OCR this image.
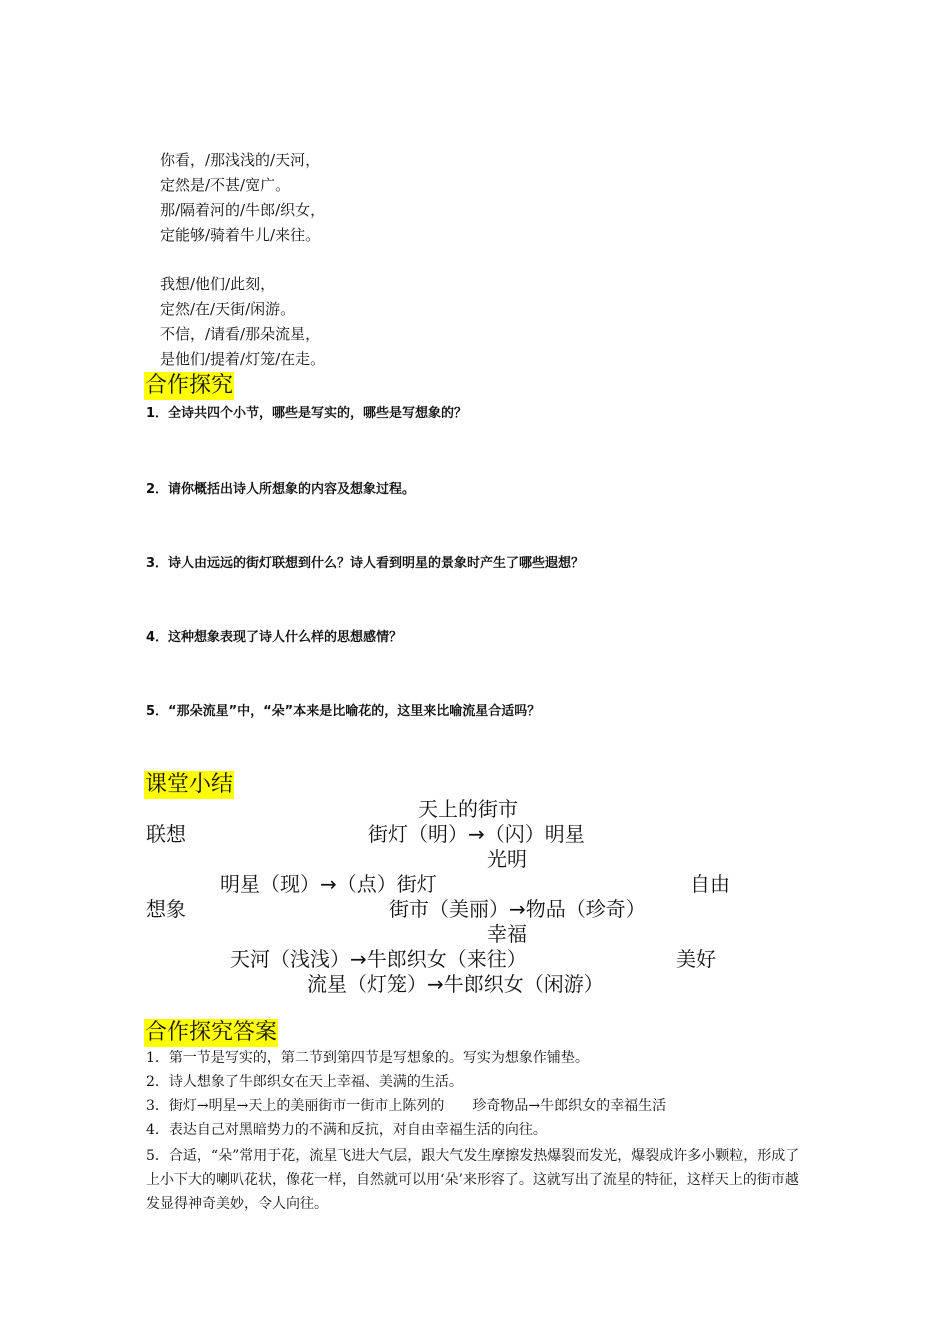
你看，/那浅浅的/天河，
定然是/不甚/宽广。
那/隔着河的/牛郎/织女，
定能够/骑着牛儿/来往。
我想/他们/此刻，
定然/在/天街/闲游。
不信，/请看/那朵流星，
是他们/提着/灯笼/在走。
合作探究
1．全诗共四个小节，哪些是写实的，哪些是写想象的？
2．请你概括出诗人所想象的内容及想象过程。
3．诗人由远远的街灯联想到什么？诗人看到明星的景象时产生了哪些遐想？
4．这种想象表现了诗人什么样的思想感情？
5．“那朵流星”中，“朵”本来是比喻花的，这里来比喻流星合适吗？
课堂小结
天上的街市
联想	街灯（明）→（闪）明星
光明
明星（现）→（点）街灯	自由
想象	街市（美丽）→物品（珍奇）
幸福
天河（浅浅）→牛郎织女（来往）	美好
流星（灯笼）→牛郎织女（闲游）
合作探究答案
1．第一节是写实的，第二节到第四节是写想象的。写实为想象作铺垫。
2．诗人想象了牛郎织女在天上幸福、美满的生活。
3．街灯→明星→天上的美丽街市一街市上陈列的　　珍奇物品→牛郎织女的幸福生活
4．表达自己对黑暗势力的不满和反抗，对自由幸福生活的向往。
5．合适，“朵”常用于花，流星飞进大气层，跟大气发生摩擦发热爆裂而发光，爆裂成许多小颗粒，形成了上小下大的喇叭花状，像花一样，自然就可以用‘朵’来形容了。这就写出了流星的特征，这样天上的街市越发显得神奇美妙，令人向往。
